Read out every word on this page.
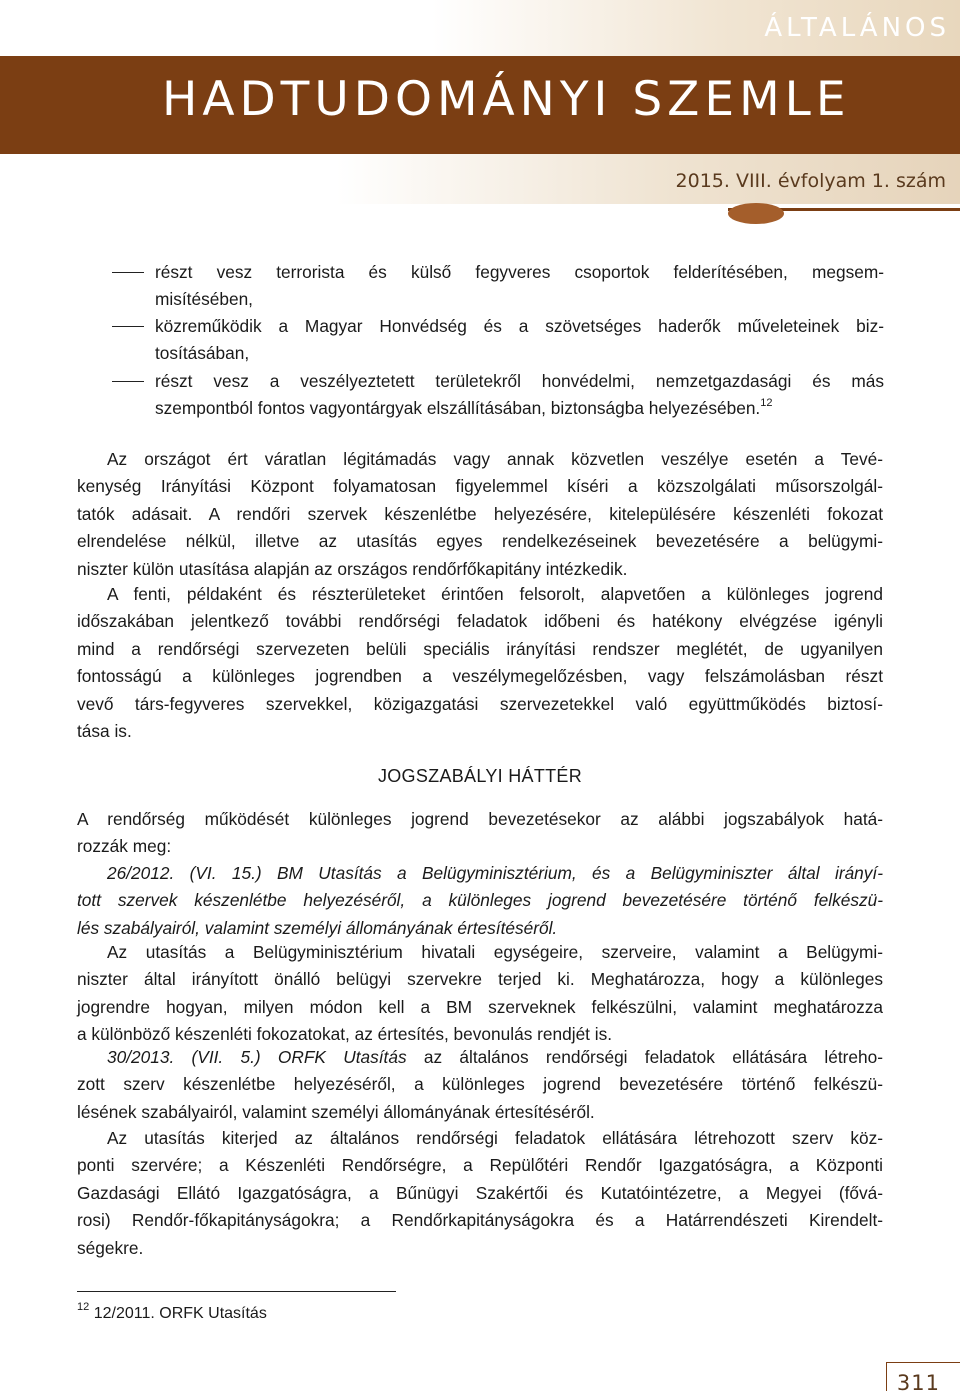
ÁLTALÁNOS
HADTUDOMÁNYI SZEMLE
2015. VIII. évfolyam 1. szám
részt vesz terrorista és külső fegyveres csoportok felderítésében, megsem-
misítésében,
közreműködik a Magyar Honvédség és a szövetséges haderők műveleteinek biz-
tosításában,
részt vesz a veszélyeztetett területekről honvédelmi, nemzetgazdasági és más
szempontból fontos vagyontárgyak elszállításában, biztonságba helyezésében.$^{12}$
Az országot ért váratlan légitámadás vagy annak közvetlen veszélye esetén a Tevé-
kenység Irányítási Központ folyamatosan figyelemmel kíséri a közszolgálati műsorszolgál-
tatók adásait. A rendőri szervek készenlétbe helyezésére, kitelepülésére készenléti fokozat
elrendelése nélkül, illetve az utasítás egyes rendelkezéseinek bevezetésére a belügymi-
niszter külön utasítása alapján az országos rendőrfőkapitány intézkedik.
A fenti, példaként és részterületeket érintően felsorolt, alapvetően a különleges jogrend
időszakában jelentkező további rendőrségi feladatok időbeni és hatékony elvégzése igényli
mind a rendőrségi szervezeten belüli speciális irányítási rendszer meglétét, de ugyanilyen
fontosságú a különleges jogrendben a veszélymegelőzésben, vagy felszámolásban részt
vevő társ-fegyveres szervekkel, közigazgatási szervezetekkel való együttműködés biztosí-
tása is.
JOGSZABÁLYI HÁTTÉR
A rendőrség működését különleges jogrend bevezetésekor az alábbi jogszabályok hatá-
rozzák meg:
26/2012. (VI. 15.) BM Utasítás a Belügyminisztérium, és a Belügyminiszter által irányí-
tott szervek készenlétbe helyezéséről, a különleges jogrend bevezetésére történő felkészü-
lés szabályairól, valamint személyi állományának értesítéséről.
Az utasítás a Belügyminisztérium hivatali egységeire, szerveire, valamint a Belügymi-
niszter által irányított önálló belügyi szervekre terjed ki. Meghatározza, hogy a különleges
jogrendre hogyan, milyen módon kell a BM szerveknek felkészülni, valamint meghatározza
a különböző készenléti fokozatokat, az értesítés, bevonulás rendjét is.
30/2013. (VII. 5.) ORFK Utasítás az általános rendőrségi feladatok ellátására létreho-
zott szerv készenlétbe helyezéséről, a különleges jogrend bevezetésére történő felkészü-
lésének szabályairól, valamint személyi állományának értesítéséről.
Az utasítás kiterjed az általános rendőrségi feladatok ellátására létrehozott szerv köz-
ponti szervére; a Készenléti Rendőrségre, a Repülőtéri Rendőr Igazgatóságra, a Központi
Gazdasági Ellátó Igazgatóságra, a Bűnügyi Szakértői és Kutatóintézetre, a Megyei (fővá-
rosi) Rendőr-főkapitányságokra; a Rendőrkapitányságokra és a Határrendészeti Kirendelt-
ségekre.
$^{12}$ 12/2011. ORFK Utasítás
311
